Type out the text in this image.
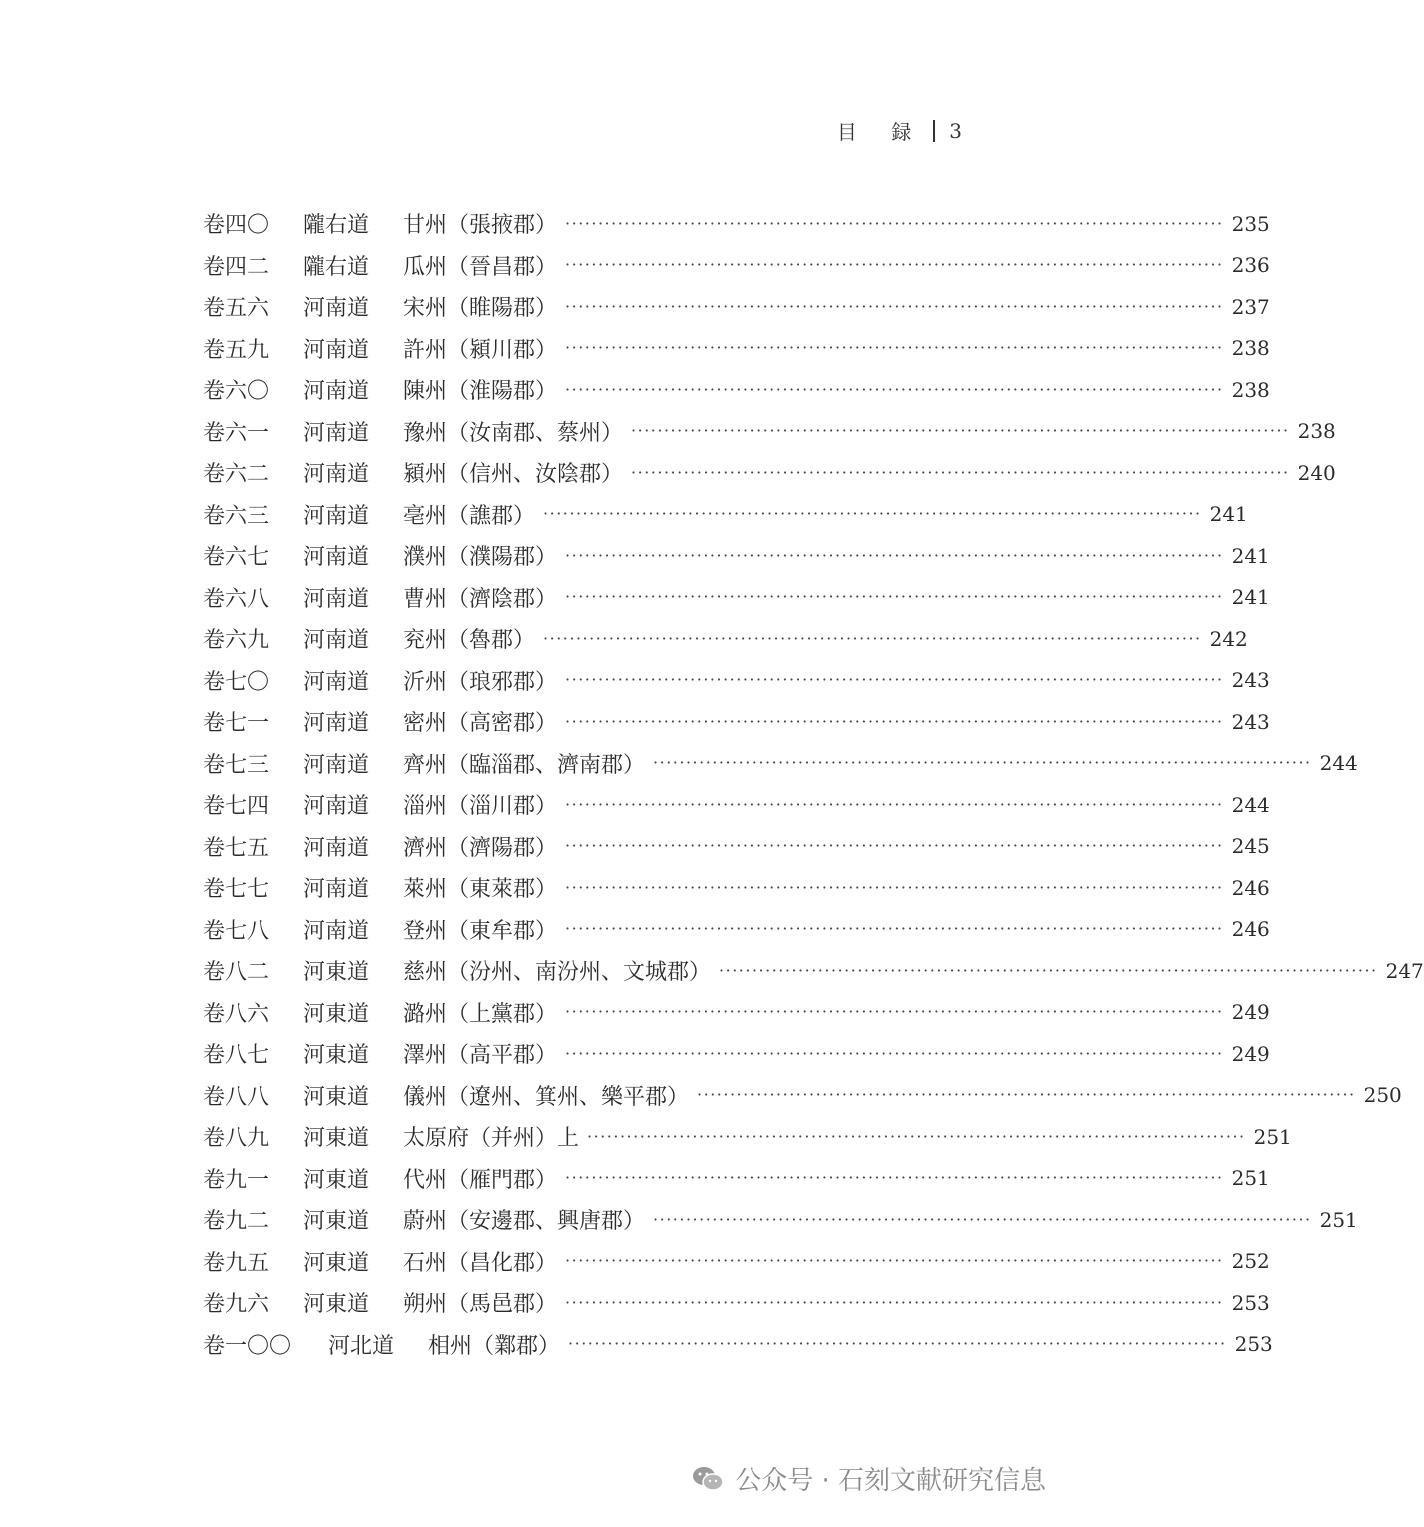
目 録 3
卷四〇	隴右道	甘州（張掖郡） ···································································································· 235
卷四二	隴右道	瓜州（晉昌郡） ···································································································· 236
卷五六	河南道	宋州（睢陽郡） ···································································································· 237
卷五九	河南道	許州（潁川郡） ···································································································· 238
卷六〇	河南道	陳州（淮陽郡） ···································································································· 238
卷六一	河南道	豫州（汝南郡、蔡州） ···································································································· 238
卷六二	河南道	潁州（信州、汝陰郡） ···································································································· 240
卷六三	河南道	亳州（譙郡） ···································································································· 241
卷六七	河南道	濮州（濮陽郡） ···································································································· 241
卷六八	河南道	曹州（濟陰郡） ···································································································· 241
卷六九	河南道	兖州（魯郡） ···································································································· 242
卷七〇	河南道	沂州（琅邪郡） ···································································································· 243
卷七一	河南道	密州（高密郡） ···································································································· 243
卷七三	河南道	齊州（臨淄郡、濟南郡） ···································································································· 244
卷七四	河南道	淄州（淄川郡） ···································································································· 244
卷七五	河南道	濟州（濟陽郡） ···································································································· 245
卷七七	河南道	萊州（東萊郡） ···································································································· 246
卷七八	河南道	登州（東牟郡） ···································································································· 246
卷八二	河東道	慈州（汾州、南汾州、文城郡） ···································································································· 247
卷八六	河東道	潞州（上黨郡） ···································································································· 249
卷八七	河東道	澤州（高平郡） ···································································································· 249
卷八八	河東道	儀州（遼州、箕州、樂平郡） ···································································································· 250
卷八九	河東道	太原府（并州）上 ···································································································· 251
卷九一	河東道	代州（雁門郡） ···································································································· 251
卷九二	河東道	蔚州（安邊郡、興唐郡） ···································································································· 251
卷九五	河東道	石州（昌化郡） ···································································································· 252
卷九六	河東道	朔州（馬邑郡） ···································································································· 253
卷一〇〇	河北道	相州（鄴郡） ···································································································· 253
公众号 · 石刻文献研究信息
